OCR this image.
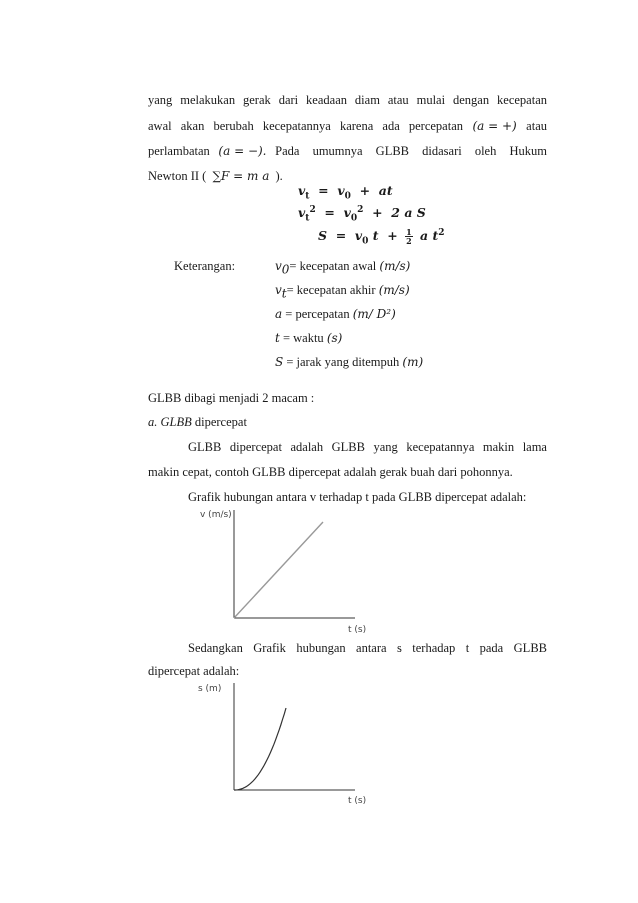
yang melakukan gerak dari keadaan diam atau mulai dengan kecepatan
awal akan berubah kecepatannya karena ada percepatan (a = +) atau
perlambatan (a = −). Pada umumnya GLBB didasari oleh Hukum
Newton II ( ∑F = m a ).
$v_t = v_0$  +  at
$v_t^2 = v_0^2 + 2$ a S
$S = v_0$ $t + \frac{1}{2}$ a $t^2$
Keterangan:	$v_0=$ kecepatan awal (m/s)
$v_t=$ kecepatan akhir (m/s)
a = percepatan (m/ D²)
t = waktu (s)
S = jarak yang ditempuh (m)
GLBB dibagi menjadi 2 macam :
a. GLBB dipercepat
GLBB dipercepat adalah GLBB yang kecepatannya makin lama
makin cepat, contoh GLBB dipercepat adalah gerak buah dari pohonnya.
Grafik hubungan antara v terhadap t pada GLBB dipercepat adalah:
v (m/s)
t (s)
Sedangkan Grafik hubungan antara s terhadap t pada GLBB
dipercepat adalah:
s (m)
t (s)
